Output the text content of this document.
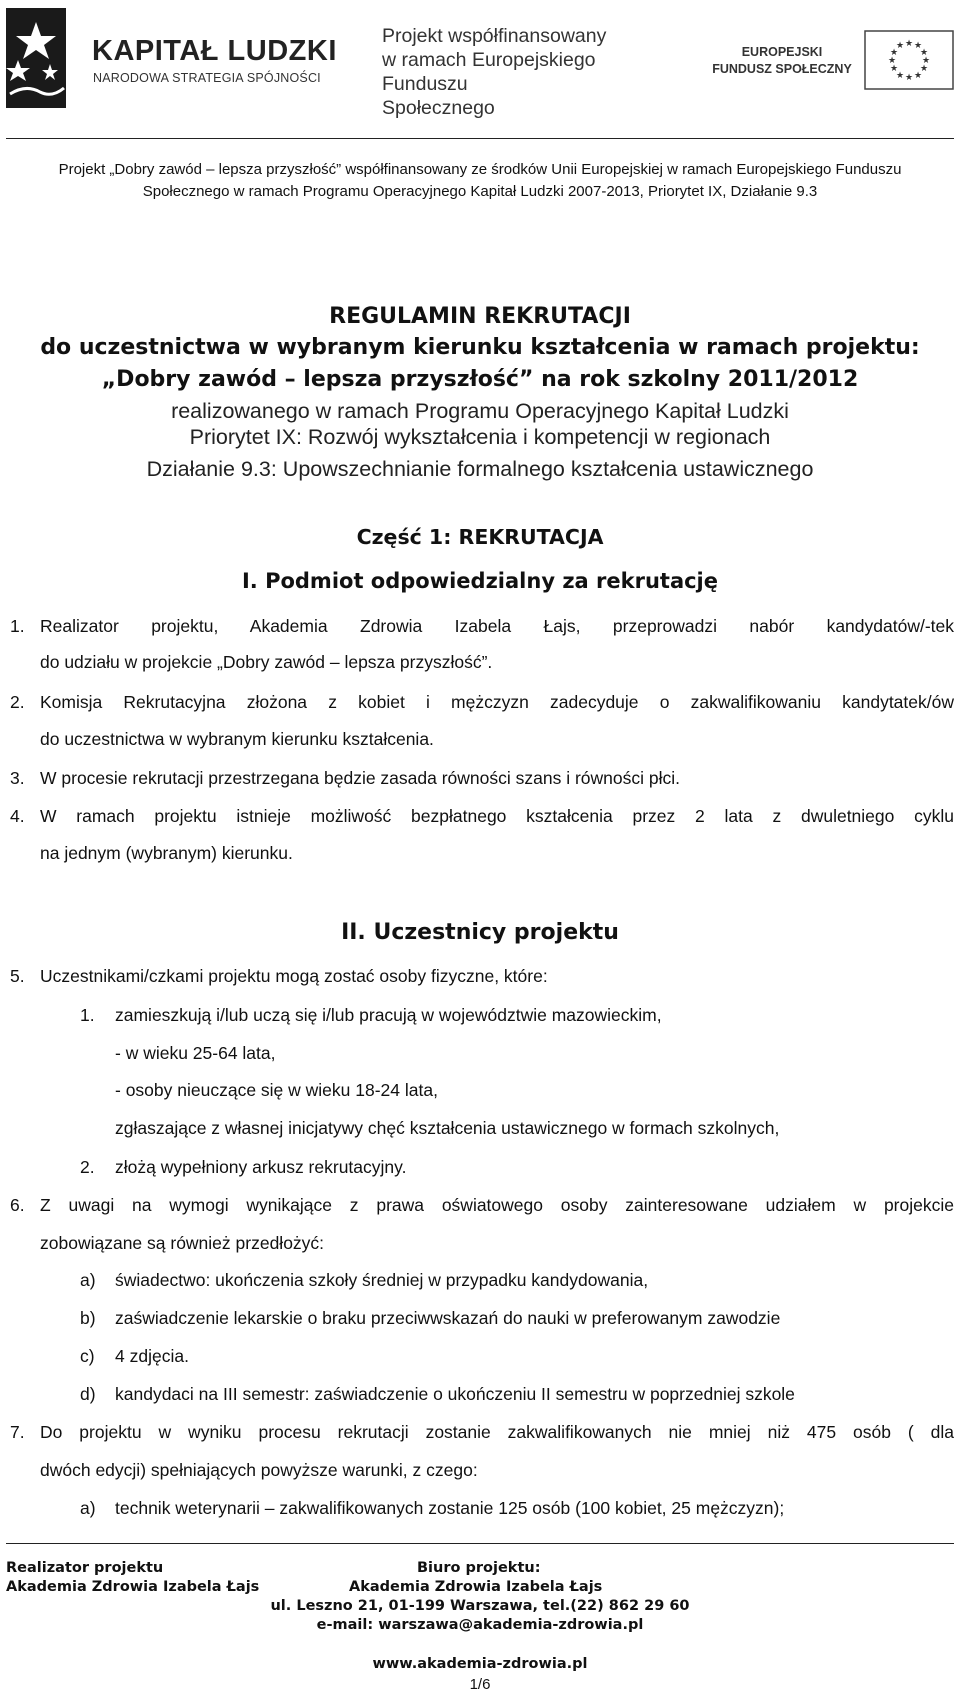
KAPITAŁ LUDZKI
NARODOWA STRATEGIA SPÓJNOŚCI
Projekt współfinansowany
w ramach Europejskiego Funduszu
Społecznego
EUROPEJSKI
FUNDUSZ SPOŁECZNY
★ ★
★
★
★
★
★
★
★
★
★
★
Projekt „Dobry zawód – lepsza przyszłość” współfinansowany ze środków Unii Europejskiej w ramach Europejskiego Funduszu
Społecznego w ramach Programu Operacyjnego Kapitał Ludzki 2007-2013, Priorytet IX, Działanie 9.3
REGULAMIN REKRUTACJI
do uczestnictwa w wybranym kierunku kształcenia w ramach projektu:
„Dobry zawód – lepsza przyszłość” na rok szkolny 2011/2012
realizowanego w ramach Programu Operacyjnego Kapitał Ludzki
Priorytet IX: Rozwój wykształcenia i kompetencji w regionach
Działanie 9.3: Upowszechnianie formalnego kształcenia ustawicznego
Część 1: REKRUTACJA
I. Podmiot odpowiedzialny za rekrutację
1. Realizator projektu, Akademia Zdrowia Izabela Łajs, przeprowadzi nabór kandydatów/-tek
do udziału w projekcie „Dobry zawód – lepsza przyszłość”.
2. Komisja Rekrutacyjna złożona z kobiet i mężczyzn zadecyduje o zakwalifikowaniu kandytatek/ów
do uczestnictwa w wybranym kierunku kształcenia.
3. W procesie rekrutacji przestrzegana będzie zasada równości szans i równości płci.
4. W ramach projektu istnieje możliwość bezpłatnego kształcenia przez 2 lata z dwuletniego cyklu
na jednym (wybranym) kierunku.
II. Uczestnicy projektu
5. Uczestnikami/czkami projektu mogą zostać osoby fizyczne, które:
1. zamieszkują i/lub uczą się i/lub pracują w województwie mazowieckim,
- w wieku 25-64 lata,
- osoby nieuczące się w wieku 18-24 lata,
zgłaszające z własnej inicjatywy chęć kształcenia ustawicznego w formach szkolnych,
2. złożą wypełniony arkusz rekrutacyjny.
6. Z uwagi na wymogi wynikające z prawa oświatowego osoby zainteresowane udziałem w projekcie
zobowiązane są również przedłożyć:
a) świadectwo: ukończenia szkoły średniej w przypadku kandydowania,
b) zaświadczenie lekarskie o braku przeciwwskazań do nauki w preferowanym zawodzie
c) 4 zdjęcia.
d) kandydaci na III semestr: zaświadczenie o ukończeniu II semestru w poprzedniej szkole
7. Do projektu w wyniku procesu rekrutacji zostanie zakwalifikowanych nie mniej niż 475 osób ( dla
dwóch edycji) spełniających powyższe warunki, z czego:
a) technik weterynarii – zakwalifikowanych zostanie 125 osób (100 kobiet, 25 mężczyzn);
Realizator projektu
Akademia Zdrowia Izabela Łajs
Biuro projektu:
Akademia Zdrowia Izabela Łajs
ul. Leszno 21, 01-199 Warszawa, tel.(22) 862 29 60
e-mail: warszawa@akademia-zdrowia.pl
www.akademia-zdrowia.pl
1/6
